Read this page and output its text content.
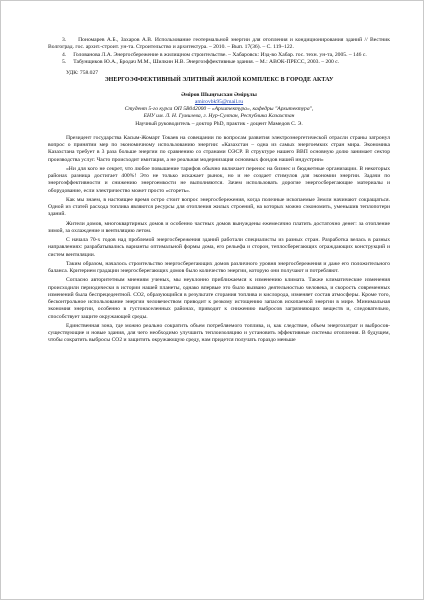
3.     Пономарев А.Б., Захаров А.В. Использование геотермальной энергии для отопления и кондиционирования зданий // Вестник Волгоград. гос. архит.-строит. ун-та. Строительство и архитектура. – 2010. – Вып. 17(36). – С. 119–122.

4.     Голованова Л.А. Энергосбережение в жилищном строительстве. – Хабаровск: Изд-во Хабар. гос. техн. ун-та, 2005. – 146 с.

5.     Табунщиков Ю.А., Бродач М.М., Шилкин Н.В. Энергоэффективные здания. – М.: АВОК-ПРЕСС, 2003. – 200 с.

УДК: 758.027

ЭНЕРГОЭФФЕКТИВНЫЙ ЭЛИТНЫЙ ЖИЛОЙ КОМПЛЕКС В ГОРОДЕ АКТАУ

Әміров Шыңғысхан Әмірұлы

amirovbk95@mail.ru

Студент 5-го курса ОП 5В042000 – «Архитектура», кафедры "Архитектура",

ЕНУ им. Л. Н. Гумилева, г. Нур-Султан, Республика Казахстан

Научный руководитель – доктор PhD, практик - доцент Мамедов С. Э.

Президент государства Касым-Жомарт Токаев на совещании по вопросам развития электроэнергетической отрасли страны затронул вопрос о принятии мер по экономичному использованию энергии: «Казахстан – одна из самых энергоемких стран мира. Экономика Казахстана требует в 3 раза больше энергии по сравнению со странами ОЭСР. В структуре нашего ВВП основную долю занимает сектор производства услуг. Часто происходит имитация, а не реальная модернизация основных фондов нашей индустрии»

«Ни для кого не секрет, что любое повышение тарифов обычно включает перенос на бизнес и бюджетные организации. В некоторых районах разница достигает 400%! Это не только искажает рынок, но и не создает стимулов для экономии энергии. Задачи по энергоэффективности и снижению энергоемкости не выполняются. Зачем использовать дорогие энергосберегающие материалы и оборудование, если электричество может просто «сгореть».

Как мы знаем, в настоящее время остро стоит вопрос энергосбережения, когда полезные ископаемые Земли начинают сокращаться. Одной из статей расхода топлива являются ресурсы для отопления жилых строений, на которых можно сэкономить, уменьшив теплопотери зданий.

Жители домов, многоквартирных домов и особенно частных домов вынуждены ежемесячно платить достаточно денег: за отопление зимой, за охлаждение и вентиляцию летом.

С начала 70-х годов над проблемой энергосбережения зданий работали специалисты из разных стран. Разработка велась в разных направлениях: разрабатывались варианты оптимальной формы дома, его рельефа и сторон, теплосберегающих ограждающих конструкций и систем вентиляции.

Таким образом, началось строительство энергосберегающих домов различного уровня энергосбережения и даже его положительного баланса. Критерием градации энергосберегающих домов было количество энергии, которую они получают и потребляют.

Согласно авторитетным мнениям ученых, мы неуклонно приближаемся к изменению климата. Также климатические изменения происходили периодически в истории нашей планеты, однако впервые это было вызвано деятельностью человека, и скорость современных изменений была беспрецедентной. CO2, образующийся в результате сгорания топлива и кислорода, изменяет состав атмосферы. Кроме того, бесконтрольное использование энергии человечеством приводит к резкому истощению запасов ископаемой энергии в мире. Минимальная экономия энергии, особенно в густонаселенных районах, приводит к снижению выбросов загрязняющих веществ и, следовательно, способствует защите окружающей среды.

Единственная зона, где можно реально сократить объем потребляемого топлива, и, как следствие, объем энергозатрат и выбросов-существующие и новые здания, для чего необходимо улучшить теплоизоляцию и установить эффективные системы отопления. В будущем, чтобы сократить выбросы CO2 и защитить окружающую среду, нам придется получать гораздо меньше
